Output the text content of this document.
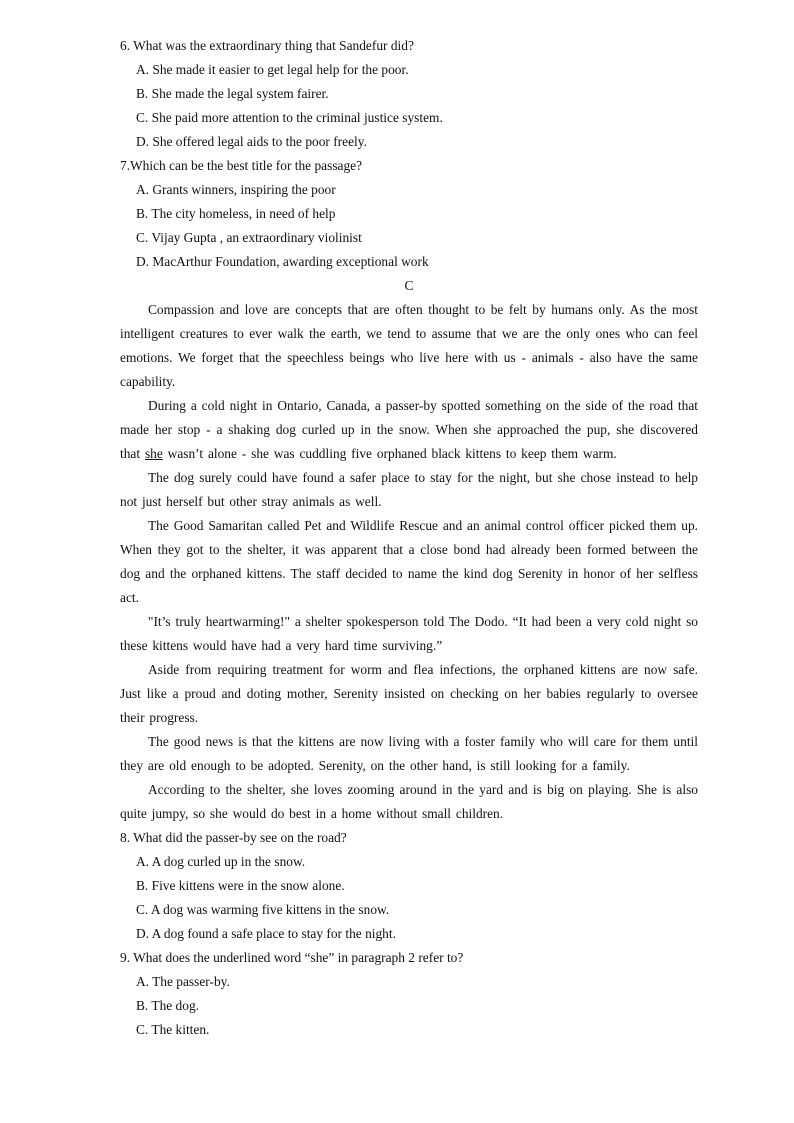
6. What was the extraordinary thing that Sandefur did?
A. She made it easier to get legal help for the poor.
B. She made the legal system fairer.
C. She paid more attention to the criminal justice system.
D. She offered legal aids to the poor freely.
7.Which can be the best title for the passage?
A. Grants winners, inspiring the poor
B. The city homeless, in need of help
C. Vijay Gupta , an extraordinary violinist
D. MacArthur Foundation, awarding exceptional work
C
Compassion and love are concepts that are often thought to be felt by humans only. As the most intelligent creatures to ever walk the earth, we tend to assume that we are the only ones who can feel emotions. We forget that the speechless beings who live here with us - animals - also have the same capability.
During a cold night in Ontario, Canada, a passer-by spotted something on the side of the road that made her stop - a shaking dog curled up in the snow. When she approached the pup, she discovered that she wasn’t alone - she was cuddling five orphaned black kittens to keep them warm.
The dog surely could have found a safer place to stay for the night, but she chose instead to help not just herself but other stray animals as well.
The Good Samaritan called Pet and Wildlife Rescue and an animal control officer picked them up. When they got to the shelter, it was apparent that a close bond had already been formed between the dog and the orphaned kittens. The staff decided to name the kind dog Serenity in honor of her selfless act.
"It’s truly heartwarming!" a shelter spokesperson told The Dodo. “It had been a very cold night so these kittens would have had a very hard time surviving.”
Aside from requiring treatment for worm and flea infections, the orphaned kittens are now safe. Just like a proud and doting mother, Serenity insisted on checking on her babies regularly to oversee their progress.
The good news is that the kittens are now living with a foster family who will care for them until they are old enough to be adopted. Serenity, on the other hand, is still looking for a family.
According to the shelter, she loves zooming around in the yard and is big on playing. She is also quite jumpy, so she would do best in a home without small children.
8. What did the passer-by see on the road?
A. A dog curled up in the snow.
B. Five kittens were in the snow alone.
C. A dog was warming five kittens in the snow.
D. A dog found a safe place to stay for the night.
9. What does the underlined word “she” in paragraph 2 refer to?
A. The passer-by.
B. The dog.
C. The kitten.
